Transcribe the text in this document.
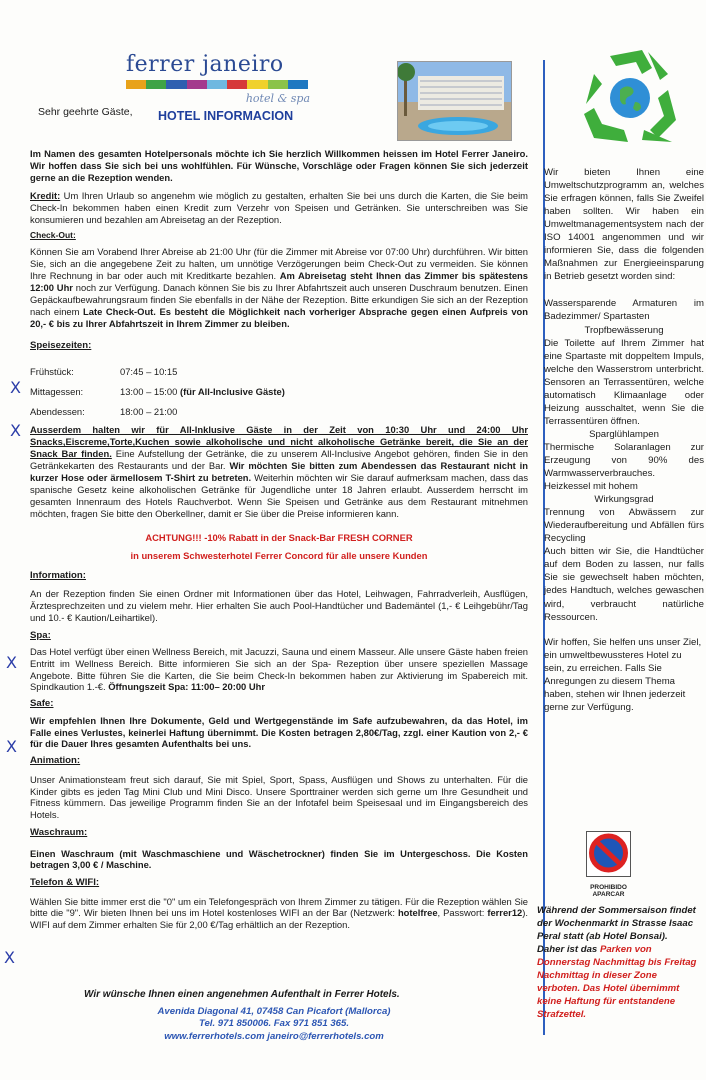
ferrer janeiro
hotel & spa
Sehr geehrte Gäste, HOTEL INFORMACION

Im Namen des gesamten Hotelpersonals möchte ich Sie herzlich Willkommen heissen im Hotel Ferrer Janeiro. Wir hoffen dass Sie sich bei uns wohlfühlen. Für Wünsche, Vorschläge oder Fragen können Sie sich jederzeit gerne an die Rezeption wenden.

Kredit: Um Ihren Urlaub so angenehm wie möglich zu gestalten, erhalten Sie bei uns durch die Karten, die Sie beim Check-In bekommen haben einen Kredit zum Verzehr von Speisen und Getränken. Sie unterschreiben was Sie konsumieren und bezahlen am Abreisetag an der Rezeption.

Check-Out:

Können Sie am Vorabend Ihrer Abreise ab 21:00 Uhr (für die Zimmer mit Abreise vor 07:00 Uhr) durchführen. Wir bitten Sie, sich an die angegebene Zeit zu halten, um unnötige Verzögerungen beim Check-Out zu vermeiden. Sie können Ihre Rechnung in bar oder auch mit Kreditkarte bezahlen. Am Abreisetag steht Ihnen das Zimmer bis spätestens 12:00 Uhr noch zur Verfügung. Danach können Sie bis zu Ihrer Abfahrtszeit auch unseren Duschraum benutzen. Einen Gepäckaufbewahrungsraum finden Sie ebenfalls in der Nähe der Rezeption. Bitte erkundigen Sie sich an der Rezeption nach einem Late Check-Out. Es besteht die Möglichkeit nach vorheriger Absprache gegen einen Aufpreis von 20,- € bis zu Ihrer Abfahrtszeit in Ihrem Zimmer zu bleiben.

Speisezeiten:
Frühstück:	07:45 – 10:15
Mittagessen:	13:00 – 15:00 (für All-Inclusive Gäste)
Abendessen:	18:00 – 21:00

Ausserdem halten wir für All-Inklusive Gäste in der Zeit von 10:30 Uhr und 24:00 Uhr Snacks,Eiscreme,Torte,Kuchen sowie alkoholische und nicht alkoholische Getränke bereit, die Sie an der Snack Bar finden. Eine Aufstellung der Getränke, die zu unserem All-Inclusive Angebot gehören, finden Sie in den Getränkekarten des Restaurants und der Bar. Wir möchten Sie bitten zum Abendessen das Restaurant nicht in kurzer Hose oder ärmellosem T-Shirt zu betreten. Weiterhin möchten wir Sie darauf aufmerksam machen, dass das spanische Gesetz keine alkoholischen Getränke für Jugendliche unter 18 Jahren erlaubt. Ausserdem herrscht im gesamten Innenraum des Hotels Rauchverbot. Wenn Sie Speisen und Getränke aus dem Restaurant mitnehmen möchten, fragen Sie bitte den Oberkellner, damit er Sie über die Preise informieren kann.

ACHTUNG!!! -10% Rabatt in der Snack-Bar FRESH CORNER

in unserem Schwesterhotel Ferrer Concord für alle unsere Kunden

Information:

An der Rezeption finden Sie einen Ordner mit Informationen über das Hotel, Leihwagen, Fahrradverleih, Ausflügen, Ärztesprechzeiten und zu vielem mehr. Hier erhalten Sie auch Pool-Handtücher und Bademäntel (1,- € Leihgebühr/Tag und 10.- € Kaution/Leihartikel).

Spa:

Das Hotel verfügt über einen Wellness Bereich, mit Jacuzzi, Sauna und einem Masseur. Alle unsere Gäste haben freien Entritt im Wellness Bereich. Bitte informieren Sie sich an der Spa- Rezeption über unsere speziellen Massage Angebote. Bitte führen Sie die Karten, die Sie beim Check-In bekommen haben zur Aktivierung im Spabereich mit. Spindkaution 1.-€. Öffnungszeit Spa: 11:00– 20:00 Uhr

Safe:

Wir empfehlen Ihnen Ihre Dokumente, Geld und Wertgegenstände im Safe aufzubewahren, da das Hotel, im Falle eines Verlustes, keinerlei Haftung übernimmt. Die Kosten betragen 2,80€/Tag, zzgl. einer Kaution von 2,- € für die Dauer Ihres gesamten Aufenthalts bei uns.

Animation:

Unser Animationsteam freut sich darauf, Sie mit Spiel, Sport, Spass, Ausflügen und Shows zu unterhalten. Für die Kinder gibts es jeden Tag Mini Club und Mini Disco. Unsere Sporttrainer werden sich gerne um Ihre Gesundheit und Fitness kümmern. Das jeweilige Programm finden Sie an der Infotafel beim Speisesaal und im Eingangsbereich des Hotels.

Waschraum:

Einen Waschraum (mit Waschmaschiene und Wäschetrockner) finden Sie im Untergeschoss. Die Kosten betragen 3,00 € / Maschine.

Telefon & WIFI:

Wählen Sie bitte immer erst die "0" um ein Telefongespräch von Ihrem Zimmer zu tätigen. Für die Rezeption wählen Sie bitte die "9". Wir bieten Ihnen bei uns im Hotel kostenloses WIFI an der Bar (Netzwerk: hotelfree, Passwort: ferrer12). WIFI auf dem Zimmer erhalten Sie für 2,00 €/Tag erhältlich an der Rezeption.

X
X
X
X
X
Wir wünsche Ihnen einen angenehmen Aufenthalt in Ferrer Hotels.
Avenida Diagonal 41, 07458 Can Picafort (Mallorca)
Tel. 971 850006. Fax 971 851 365.
www.ferrerhotels.com janeiro@ferrerhotels.com

Wir bieten Ihnen eine Umweltschutzprogramm an, welches Sie erfragen können, falls Sie Zweifel haben sollten. Wir haben ein Umweltmanagementsystem nach der ISO 14001 angenommen und wir informieren Sie, dass die folgenden Maßnahmen zur Energieeinsparung in Betrieb gesetzt worden sind:

Wassersparende Armaturen im Badezimmer/ Spartasten

Tropfbewässerung

Die Toilette auf Ihrem Zimmer hat eine Spartaste mit doppeltem Impuls, welche den Wasserstrom unterbricht. Sensoren an Terrassentüren, welche automatisch Klimaanlage oder Heizung ausschaltet, wenn Sie die Terrassentüren öffnen.

Sparglühlampen

Thermische Solaranlagen zur Erzeugung von 90% des Warmwasserverbrauches.

Heizkessel mit hohem

Wirkungsgrad

Trennung von Abwässern zur Wiederaufbereitung und Abfällen fürs Recycling

Auch bitten wir Sie, die Handtücher auf dem Boden zu lassen, nur falls Sie sie gewechselt haben möchten, jedes Handtuch, welches gewaschen wird, verbraucht natürliche Ressourcen.

Wir hoffen, Sie helfen uns unser Ziel, ein umweltbewussteres Hotel zu sein, zu erreichen. Falls Sie Anregungen zu diesem Thema haben, stehen wir Ihnen jederzeit gerne zur Verfügung.

PROHIBIDO APARCAR
Während der Sommersaison findet der Wochenmarkt in Strasse Isaac Peral statt (ab Hotel Bonsai). Daher ist das Parken von Donnerstag Nachmittag bis Freitag Nachmittag in dieser Zone verboten. Das Hotel übernimmt keine Haftung für entstandene Strafzettel.
